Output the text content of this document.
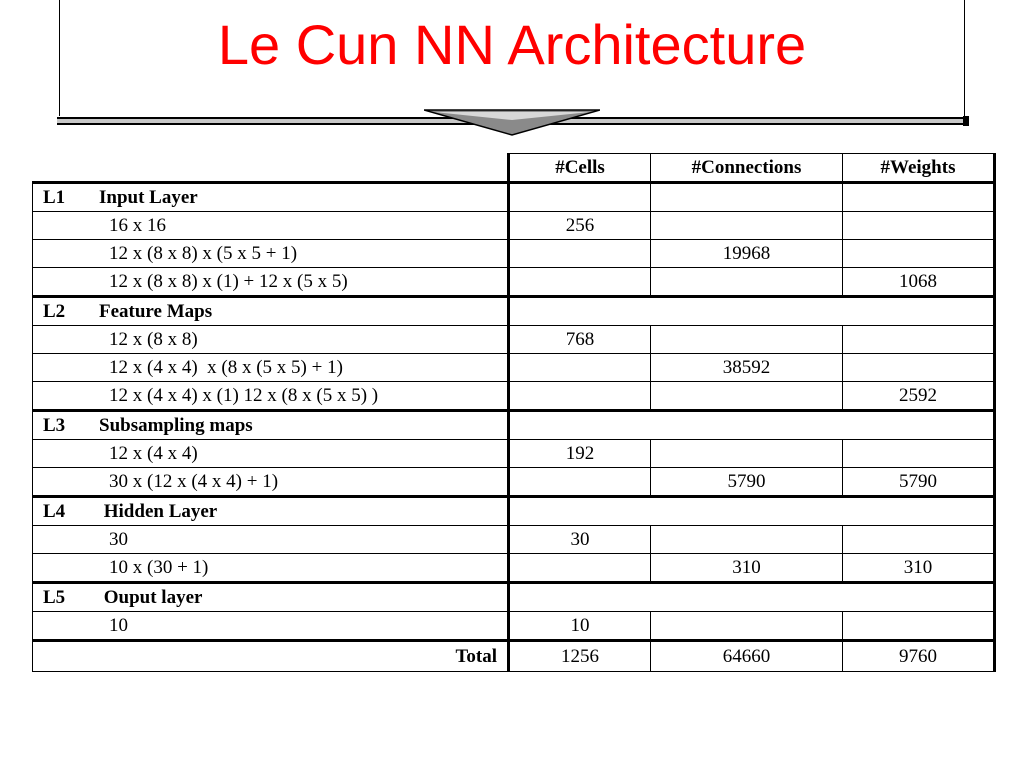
Le Cun NN Architecture
	#Cells	#Connections	#Weights
L1 Input Layer			
16 x 16	256		
12 x (8 x 8) x (5 x 5 + 1)		19968	
12 x (8 x 8) x (1) + 12 x (5 x 5)			1068
L2 Feature Maps			
12 x (8 x 8)	768		
12 x (4 x 4)  x (8 x (5 x 5) + 1)		38592	
12 x (4 x 4) x (1) 12 x (8 x (5 x 5) )			2592
L3 Subsampling maps			
12 x (4 x 4)	192		
30 x (12 x (4 x 4) + 1)		5790	5790
L4 Hidden Layer			
30	30		
10 x (30 + 1)		310	310
L5 Ouput layer			
10	10		
Total	1256	64660	9760
